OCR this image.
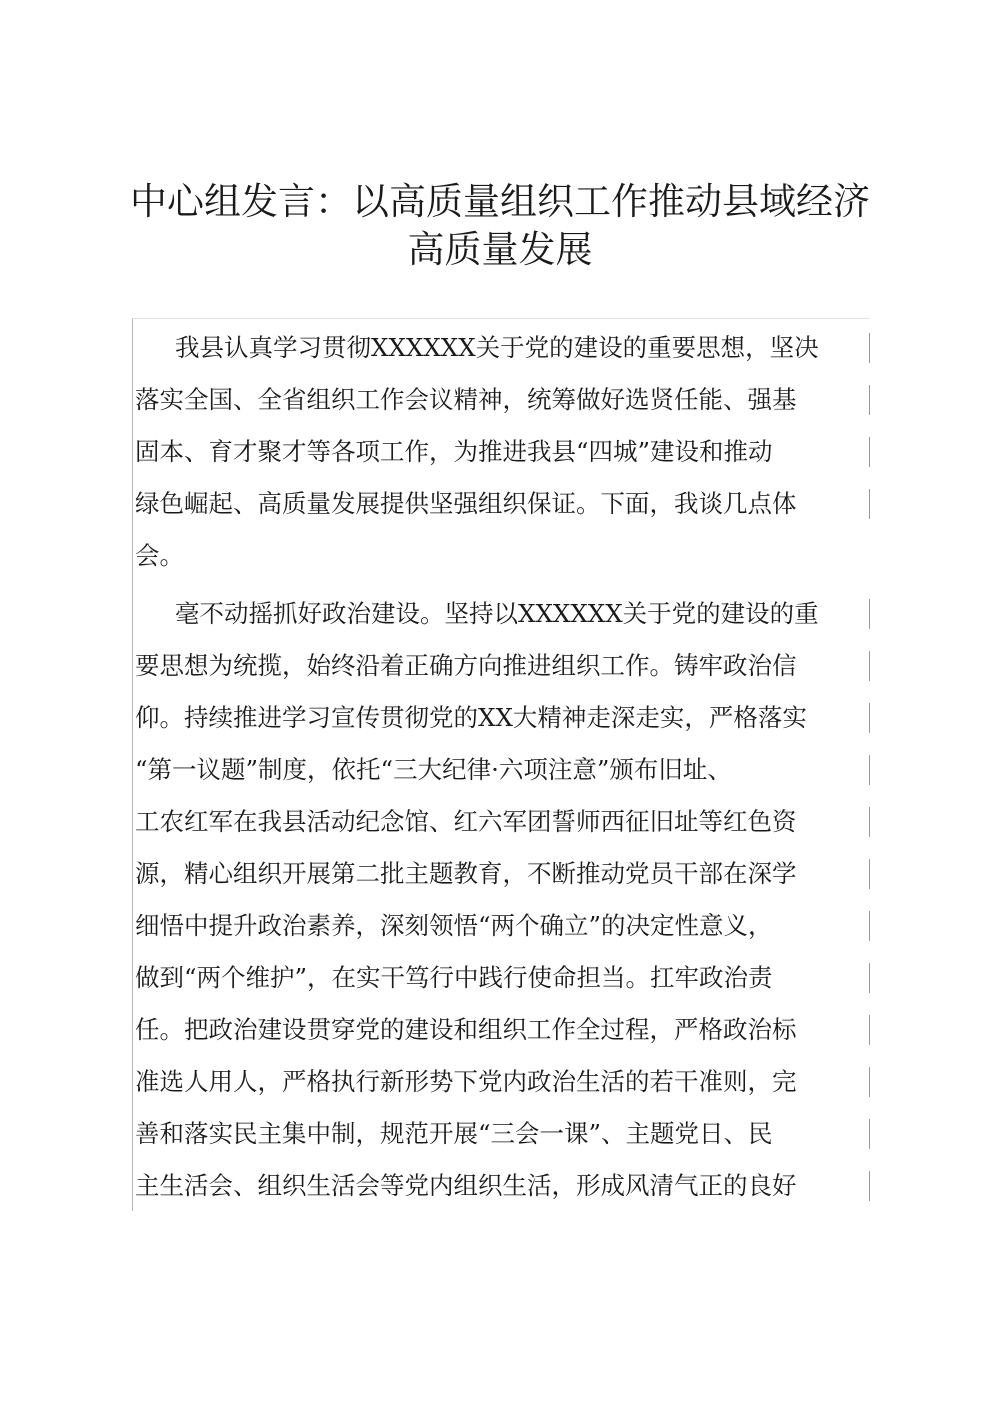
中心组发言：以高质量组织工作推动县域经济
高质量发展
我县认真学习贯彻XXXXXX关于党的建设的重要思想，坚决
落实全国、全省组织工作会议精神，统筹做好选贤任能、强基
固本、育才聚才等各项工作，为推进我县“四城”建设和推动
绿色崛起、高质量发展提供坚强组织保证。下面，我谈几点体
会。
毫不动摇抓好政治建设。坚持以XXXXXX关于党的建设的重
要思想为统揽，始终沿着正确方向推进组织工作。铸牢政治信
仰。持续推进学习宣传贯彻党的XX大精神走深走实，严格落实
“第一议题”制度，依托“三大纪律·六项注意”颁布旧址、
工农红军在我县活动纪念馆、红六军团誓师西征旧址等红色资
源，精心组织开展第二批主题教育，不断推动党员干部在深学
细悟中提升政治素养，深刻领悟“两个确立”的决定性意义，
做到“两个维护”，在实干笃行中践行使命担当。扛牢政治责
任。把政治建设贯穿党的建设和组织工作全过程，严格政治标
准选人用人，严格执行新形势下党内政治生活的若干准则，完
善和落实民主集中制，规范开展“三会一课”、主题党日、民
主生活会、组织生活会等党内组织生活，形成风清气正的良好
